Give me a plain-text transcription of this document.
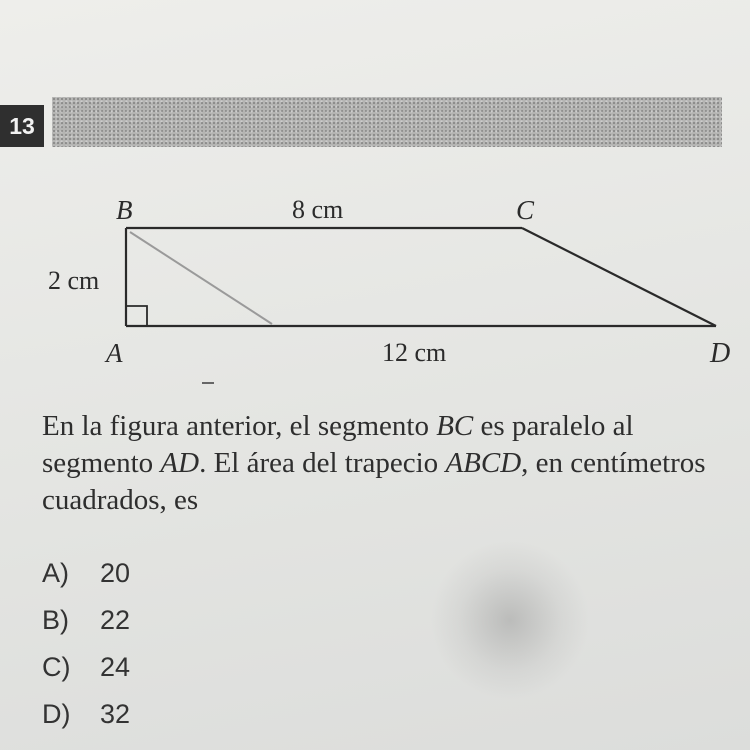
13
B	C
A	D
8 cm
2 cm
12 cm
En la figura anterior, el segmento BC es paralelo al segmento AD. El área del trapecio ABCD, en centímetros cuadrados, es
A)	20
B)	22
C)	24
D)	32
